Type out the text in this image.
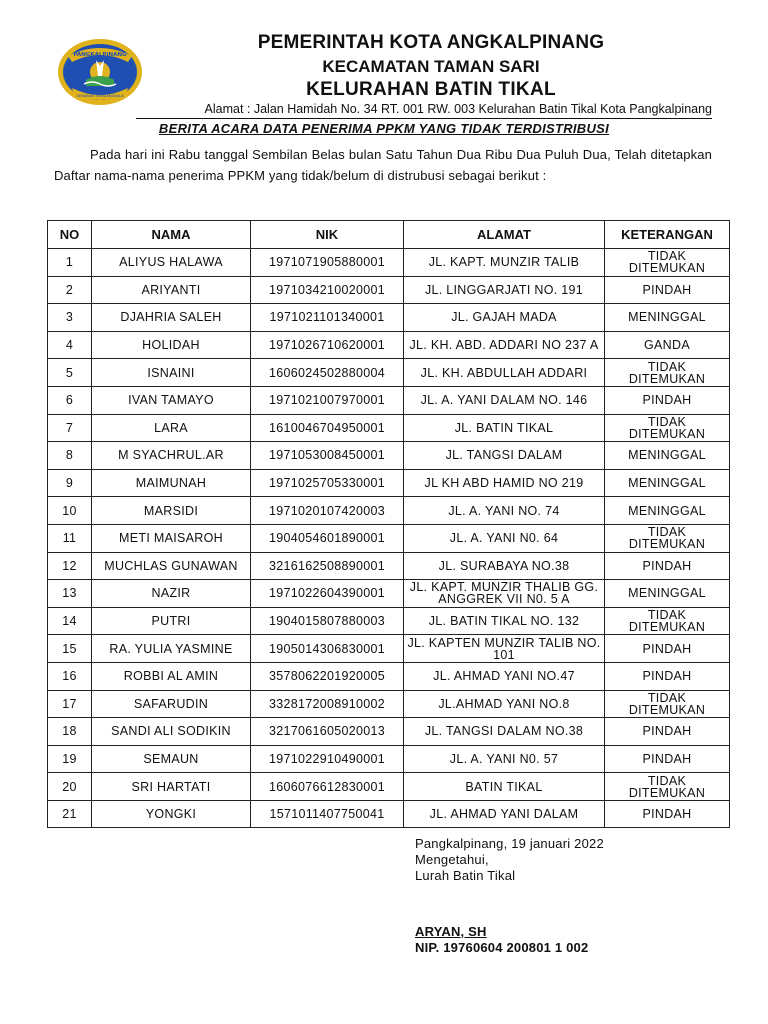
PANGKALPINANG
SENDANG MENGANGKALA
PEMERINTAH KOTA ANGKALPINANG
KECAMATAN TAMAN SARI
KELURAHAN BATIN TIKAL
Alamat : Jalan Hamidah No. 34 RT. 001 RW. 003 Kelurahan Batin Tikal Kota Pangkalpinang
BERITA ACARA DATA PENERIMA PPKM YANG TIDAK TERDISTRIBUSI

Pada hari ini Rabu tanggal Sembilan Belas bulan Satu Tahun Dua Ribu Dua Puluh Dua, Telah ditetapkan Daftar nama-nama penerima PPKM yang tidak/belum di distrubusi sebagai berikut :

NO	NAMA	NIK	ALAMAT	KETERANGAN
1	ALIYUS HALAWA	1971071905880001	JL. KAPT. MUNZIR TALIB	TIDAK DITEMUKAN
2	ARIYANTI	1971034210020001	JL. LINGGARJATI NO. 191	PINDAH
3	DJAHRIA SALEH	1971021101340001	JL. GAJAH MADA	MENINGGAL
4	HOLIDAH	1971026710620001	JL. KH. ABD. ADDARI NO 237 A	GANDA
5	ISNAINI	1606024502880004	JL. KH. ABDULLAH ADDARI	TIDAK DITEMUKAN
6	IVAN TAMAYO	1971021007970001	JL. A. YANI DALAM NO. 146	PINDAH
7	LARA	1610046704950001	JL. BATIN TIKAL	TIDAK DITEMUKAN
8	M SYACHRUL.AR	1971053008450001	JL. TANGSI DALAM	MENINGGAL
9	MAIMUNAH	1971025705330001	JL KH ABD HAMID NO 219	MENINGGAL
10	MARSIDI	1971020107420003	JL. A. YANI NO. 74	MENINGGAL
11	METI MAISAROH	1904054601890001	JL. A. YANI N0. 64	TIDAK DITEMUKAN
12	MUCHLAS GUNAWAN	3216162508890001	JL. SURABAYA NO.38	PINDAH
13	NAZIR	1971022604390001	JL. KAPT. MUNZIR THALIB GG. ANGGREK VII N0. 5 A	MENINGGAL
14	PUTRI	1904015807880003	JL. BATIN TIKAL NO. 132	TIDAK DITEMUKAN
15	RA. YULIA YASMINE	1905014306830001	JL. KAPTEN MUNZIR TALIB NO. 101	PINDAH
16	ROBBI AL AMIN	3578062201920005	JL. AHMAD YANI NO.47	PINDAH
17	SAFARUDIN	3328172008910002	JL.AHMAD YANI NO.8	TIDAK DITEMUKAN
18	SANDI ALI SODIKIN	3217061605020013	JL. TANGSI DALAM NO.38	PINDAH
19	SEMAUN	1971022910490001	JL. A. YANI N0. 57	PINDAH
20	SRI HARTATI	1606076612830001	BATIN TIKAL	TIDAK DITEMUKAN
21	YONGKI	1571011407750041	JL. AHMAD YANI DALAM	PINDAH
Pangkalpinang, 19 januari 2022
Mengetahui,
Lurah Batin Tikal
ARYAN, SH
NIP. 19760604 200801 1 002
